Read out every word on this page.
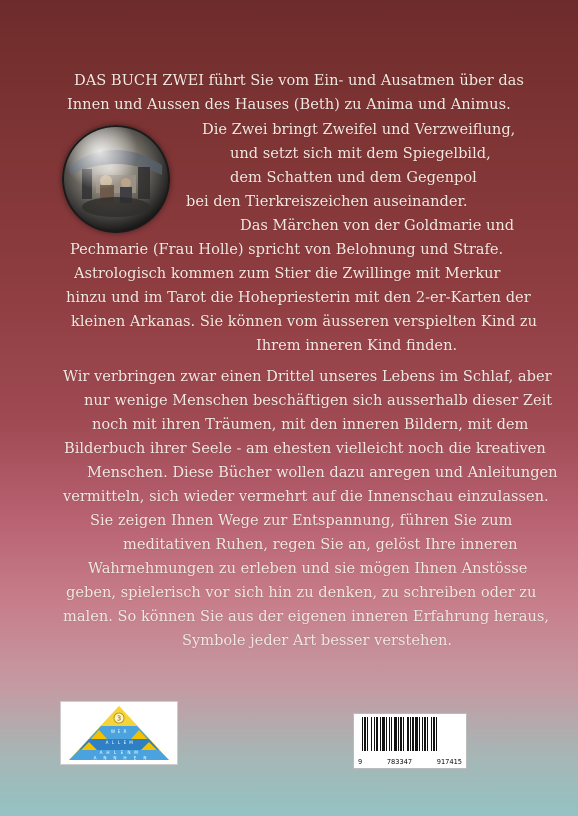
DAS BUCH ZWEI führt Sie vom Ein- und Ausatmen über das
Innen und Aussen des Hauses (Beth) zu Anima und Animus.
Die Zwei bringt Zweifel und Verzweiflung,
und setzt sich mit dem Spiegelbild,
dem Schatten und dem Gegenpol
bei den Tierkreiszeichen auseinander.
Das Märchen von der Goldmarie und
Pechmarie (Frau Holle) spricht von Belohnung und Strafe.
Astrologisch kommen zum Stier die Zwillinge mit Merkur
hinzu und im Tarot die Hohepriesterin mit den 2-er-Karten der
kleinen Arkanas. Sie können vom äusseren verspielten Kind zu
Ihrem inneren Kind finden.
Wir verbringen zwar einen Drittel unseres Lebens im Schlaf, aber
nur wenige Menschen beschäftigen sich ausserhalb dieser Zeit
noch mit ihren Träumen, mit den inneren Bildern, mit dem
Bilderbuch ihrer Seele - am ehesten vielleicht noch die kreativen
Menschen. Diese Bücher wollen dazu anregen und Anleitungen
vermitteln, sich wieder vermehrt auf die Innenschau einzulassen.
Sie zeigen Ihnen Wege zur Entspannung, führen Sie zum
meditativen Ruhen, regen Sie an, gelöst Ihre inneren
Wahrnehmungen zu erleben und sie mögen Ihnen Anstösse
geben, spielerisch vor sich hin zu denken, zu schreiben oder zu
malen. So können Sie aus der eigenen inneren Erfahrung heraus,
Symbole jeder Art besser verstehen.
3
W E R
A L L E M
A H L E N M
A N N H E N	9	783347	917415
